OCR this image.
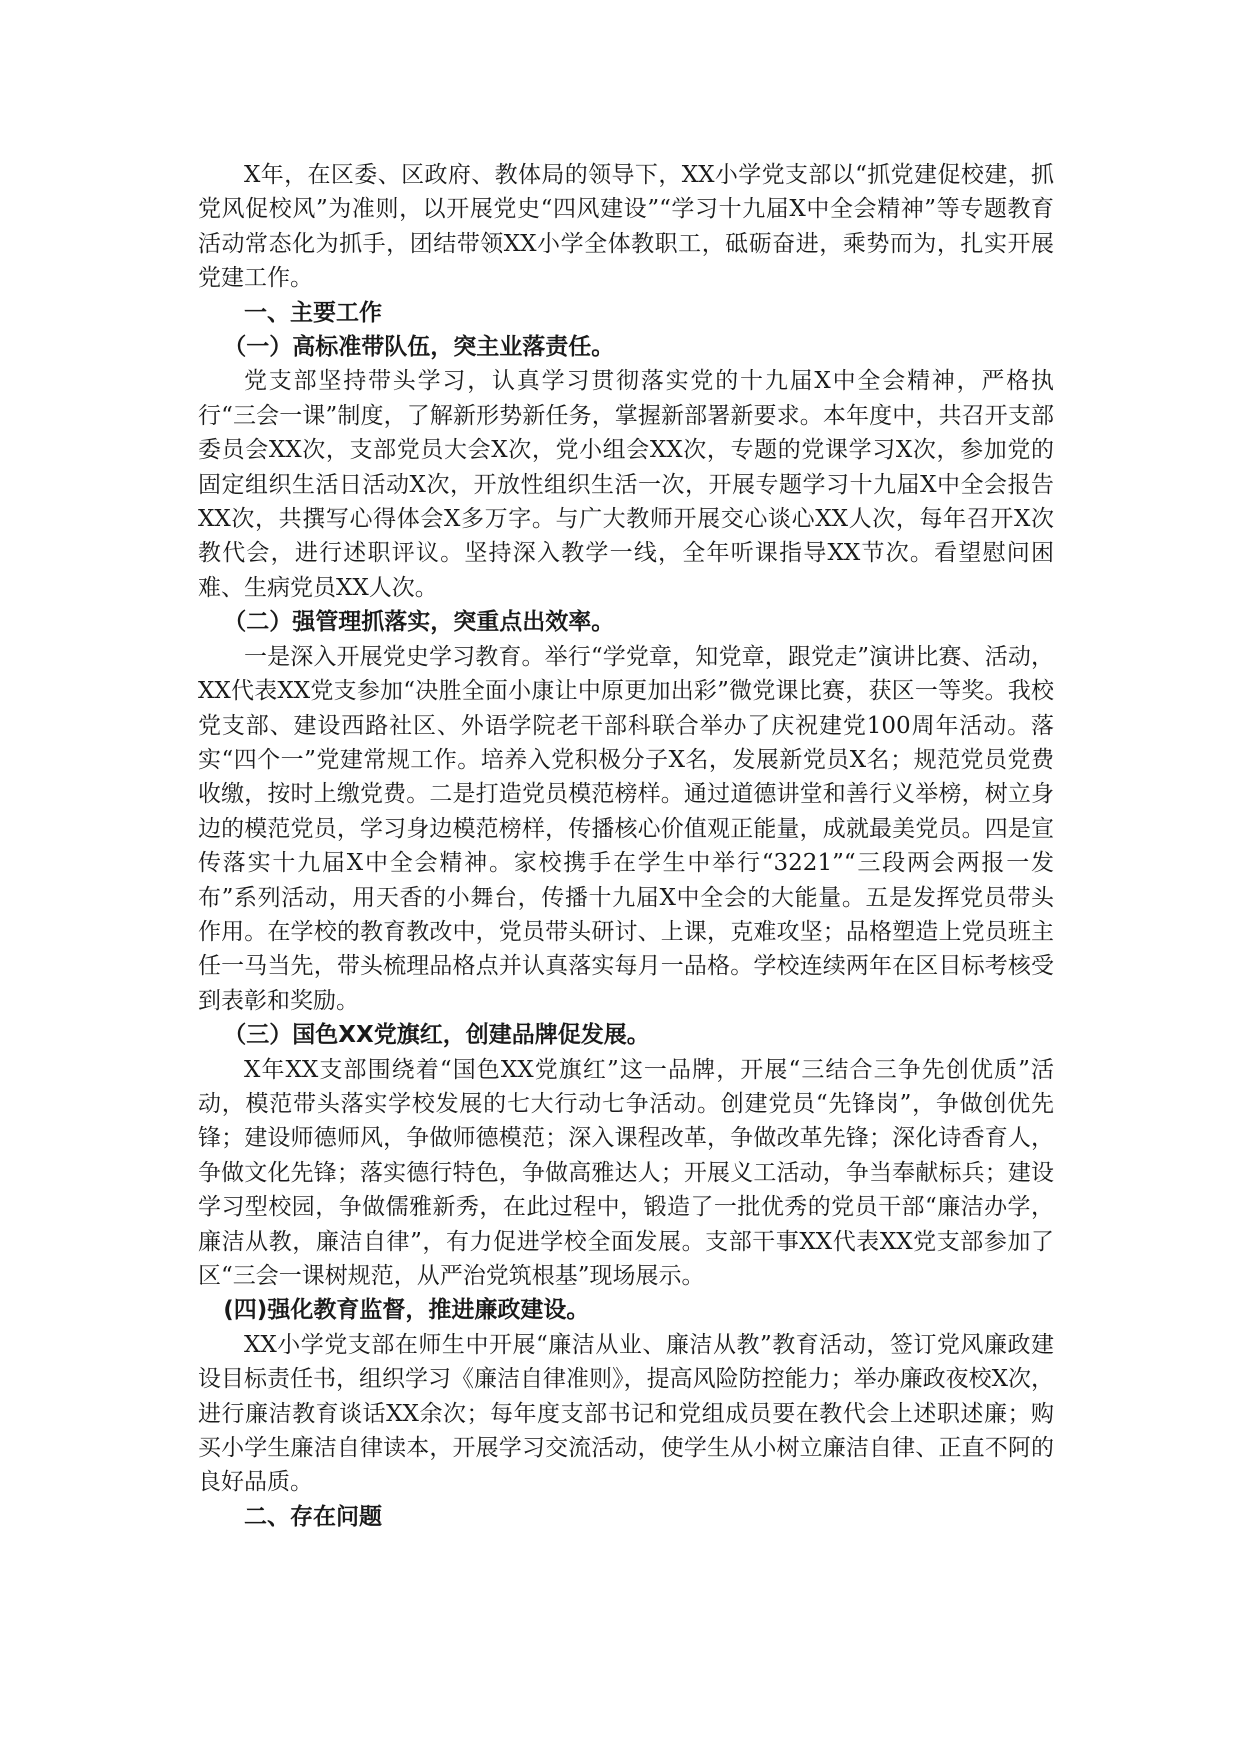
X年，在区委、区政府、教体局的领导下，XX小学党支部以“抓党建促校建，抓党风促校风”为准则，以开展党史“四风建设”“学习十九届X中全会精神”等专题教育活动常态化为抓手，团结带领XX小学全体教职工，砥砺奋进，乘势而为，扎实开展党建工作。

一、主要工作

（一）高标准带队伍，突主业落责任。

党支部坚持带头学习，认真学习贯彻落实党的十九届X中全会精神，严格执行“三会一课”制度，了解新形势新任务，掌握新部署新要求。本年度中，共召开支部委员会XX次，支部党员大会X次，党小组会XX次，专题的党课学习X次，参加党的固定组织生活日活动X次，开放性组织生活一次，开展专题学习十九届X中全会报告XX次，共撰写心得体会X多万字。与广大教师开展交心谈心XX人次，每年召开X次教代会，进行述职评议。坚持深入教学一线，全年听课指导XX节次。看望慰问困难、生病党员XX人次。

（二）强管理抓落实，突重点出效率。

一是深入开展党史学习教育。举行“学党章，知党章，跟党走”演讲比赛、活动，XX代表XX党支参加“决胜全面小康让中原更加出彩”微党课比赛，获区一等奖。我校党支部、建设西路社区、外语学院老干部科联合举办了庆祝建党100周年活动。落实“四个一”党建常规工作。培养入党积极分子X名，发展新党员X名；规范党员党费收缴，按时上缴党费。二是打造党员模范榜样。通过道德讲堂和善行义举榜，树立身边的模范党员，学习身边模范榜样，传播核心价值观正能量，成就最美党员。四是宣传落实十九届X中全会精神。家校携手在学生中举行“3221”“三段两会两报一发布”系列活动，用天香的小舞台，传播十九届X中全会的大能量。五是发挥党员带头作用。在学校的教育教改中，党员带头研讨、上课，克难攻坚；品格塑造上党员班主任一马当先，带头梳理品格点并认真落实每月一品格。学校连续两年在区目标考核受到表彰和奖励。

（三）国色XX党旗红，创建品牌促发展。

X年XX支部围绕着“国色XX党旗红”这一品牌，开展“三结合三争先创优质”活动，模范带头落实学校发展的七大行动七争活动。创建党员“先锋岗”，争做创优先锋；建设师德师风，争做师德模范；深入课程改革，争做改革先锋；深化诗香育人，争做文化先锋；落实德行特色，争做高雅达人；开展义工活动，争当奉献标兵；建设学习型校园，争做儒雅新秀，在此过程中，锻造了一批优秀的党员干部“廉洁办学，廉洁从教，廉洁自律”，有力促进学校全面发展。支部干事XX代表XX党支部参加了区“三会一课树规范，从严治党筑根基”现场展示。

(四)强化教育监督，推进廉政建设。

XX小学党支部在师生中开展“廉洁从业、廉洁从教”教育活动，签订党风廉政建设目标责任书，组织学习《廉洁自律准则》，提高风险防控能力；举办廉政夜校X次，进行廉洁教育谈话XX余次；每年度支部书记和党组成员要在教代会上述职述廉；购买小学生廉洁自律读本，开展学习交流活动，使学生从小树立廉洁自律、正直不阿的良好品质。

二、存在问题
